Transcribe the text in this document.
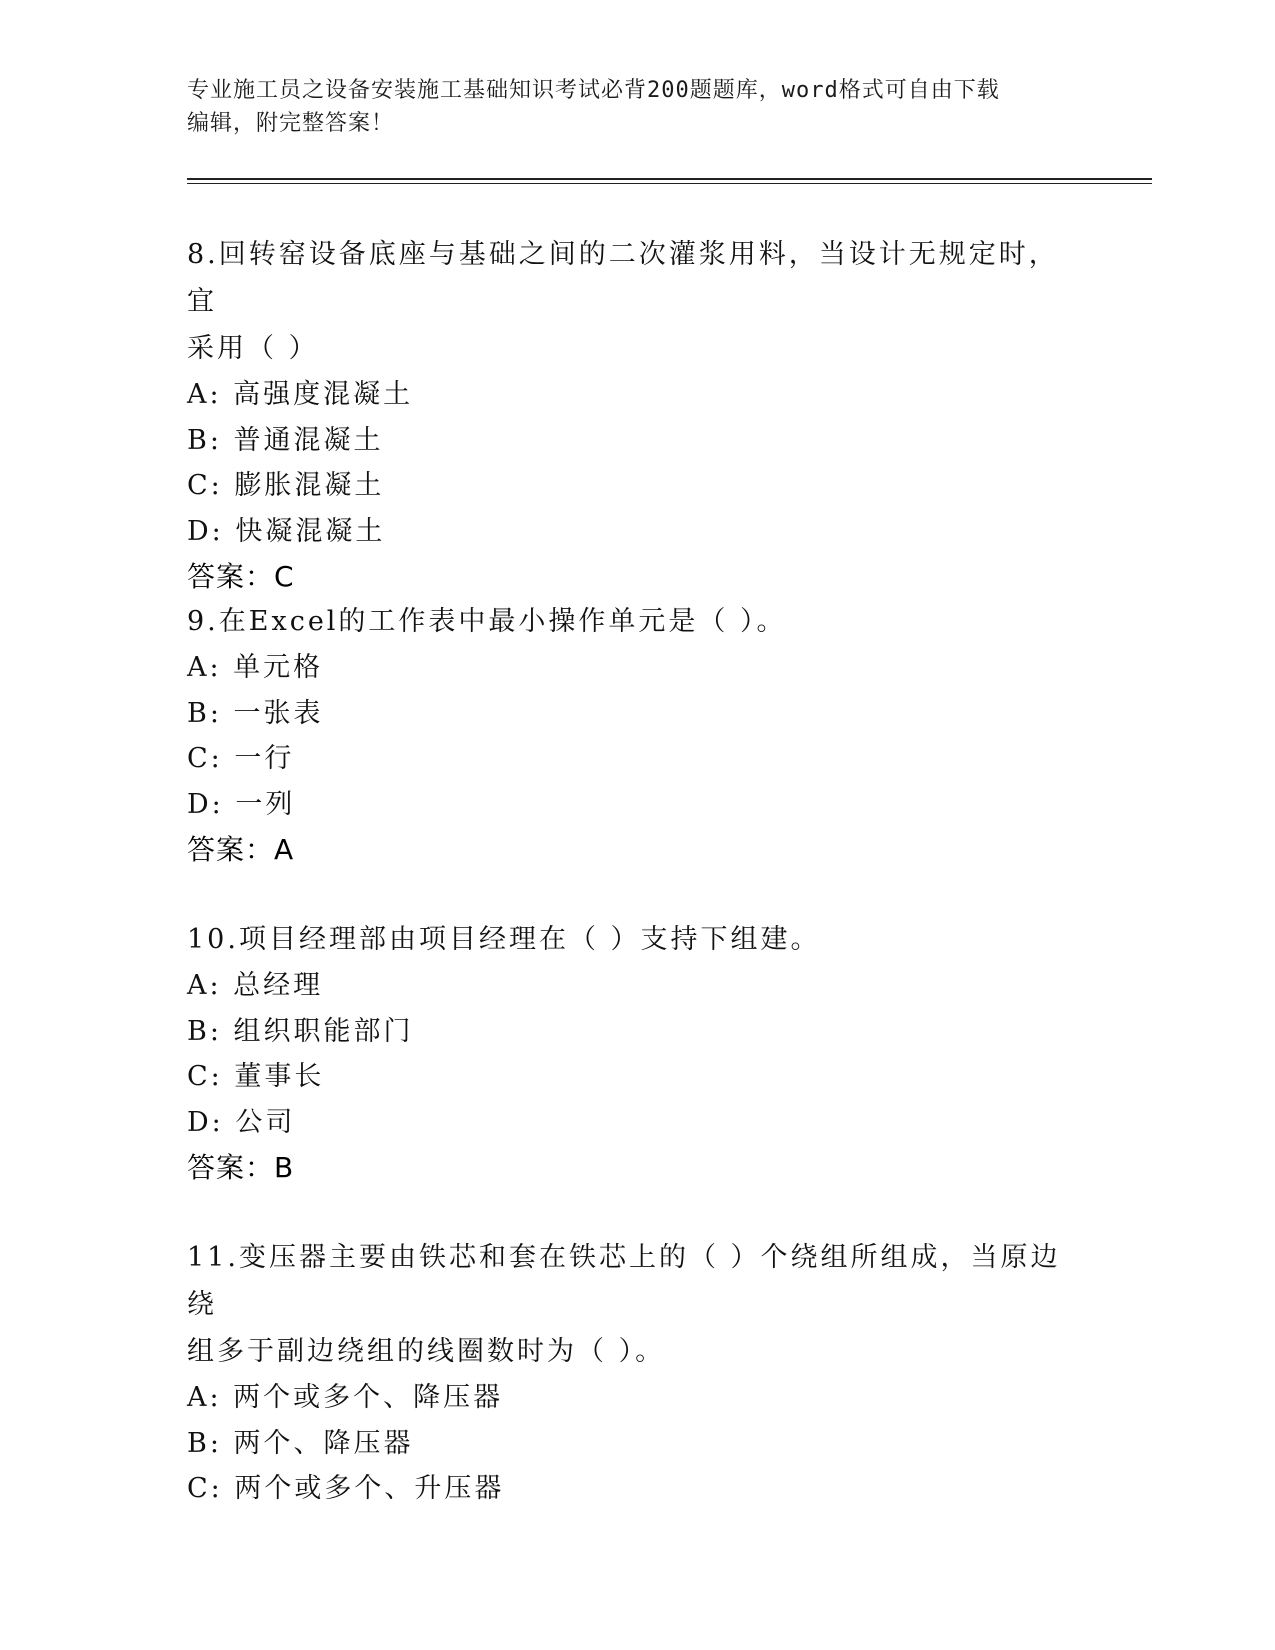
专业施工员之设备安装施工基础知识考试必背200题题库，word格式可自由下载
编辑，附完整答案！

8.回转窑设备底座与基础之间的二次灌浆用料，当设计无规定时，宜

采用（ ）

A: 高强度混凝土

B: 普通混凝土

C: 膨胀混凝土

D: 快凝混凝土

答案：C

9.在Excel的工作表中最小操作单元是（ ）。

A: 单元格

B: 一张表

C: 一行

D: 一列

答案：A

10.项目经理部由项目经理在（ ）支持下组建。

A: 总经理

B: 组织职能部门

C: 董事长

D: 公司

答案：B

11.变压器主要由铁芯和套在铁芯上的（ ）个绕组所组成，当原边绕

组多于副边绕组的线圈数时为（ ）。

A: 两个或多个、降压器

B: 两个、降压器

C: 两个或多个、升压器
